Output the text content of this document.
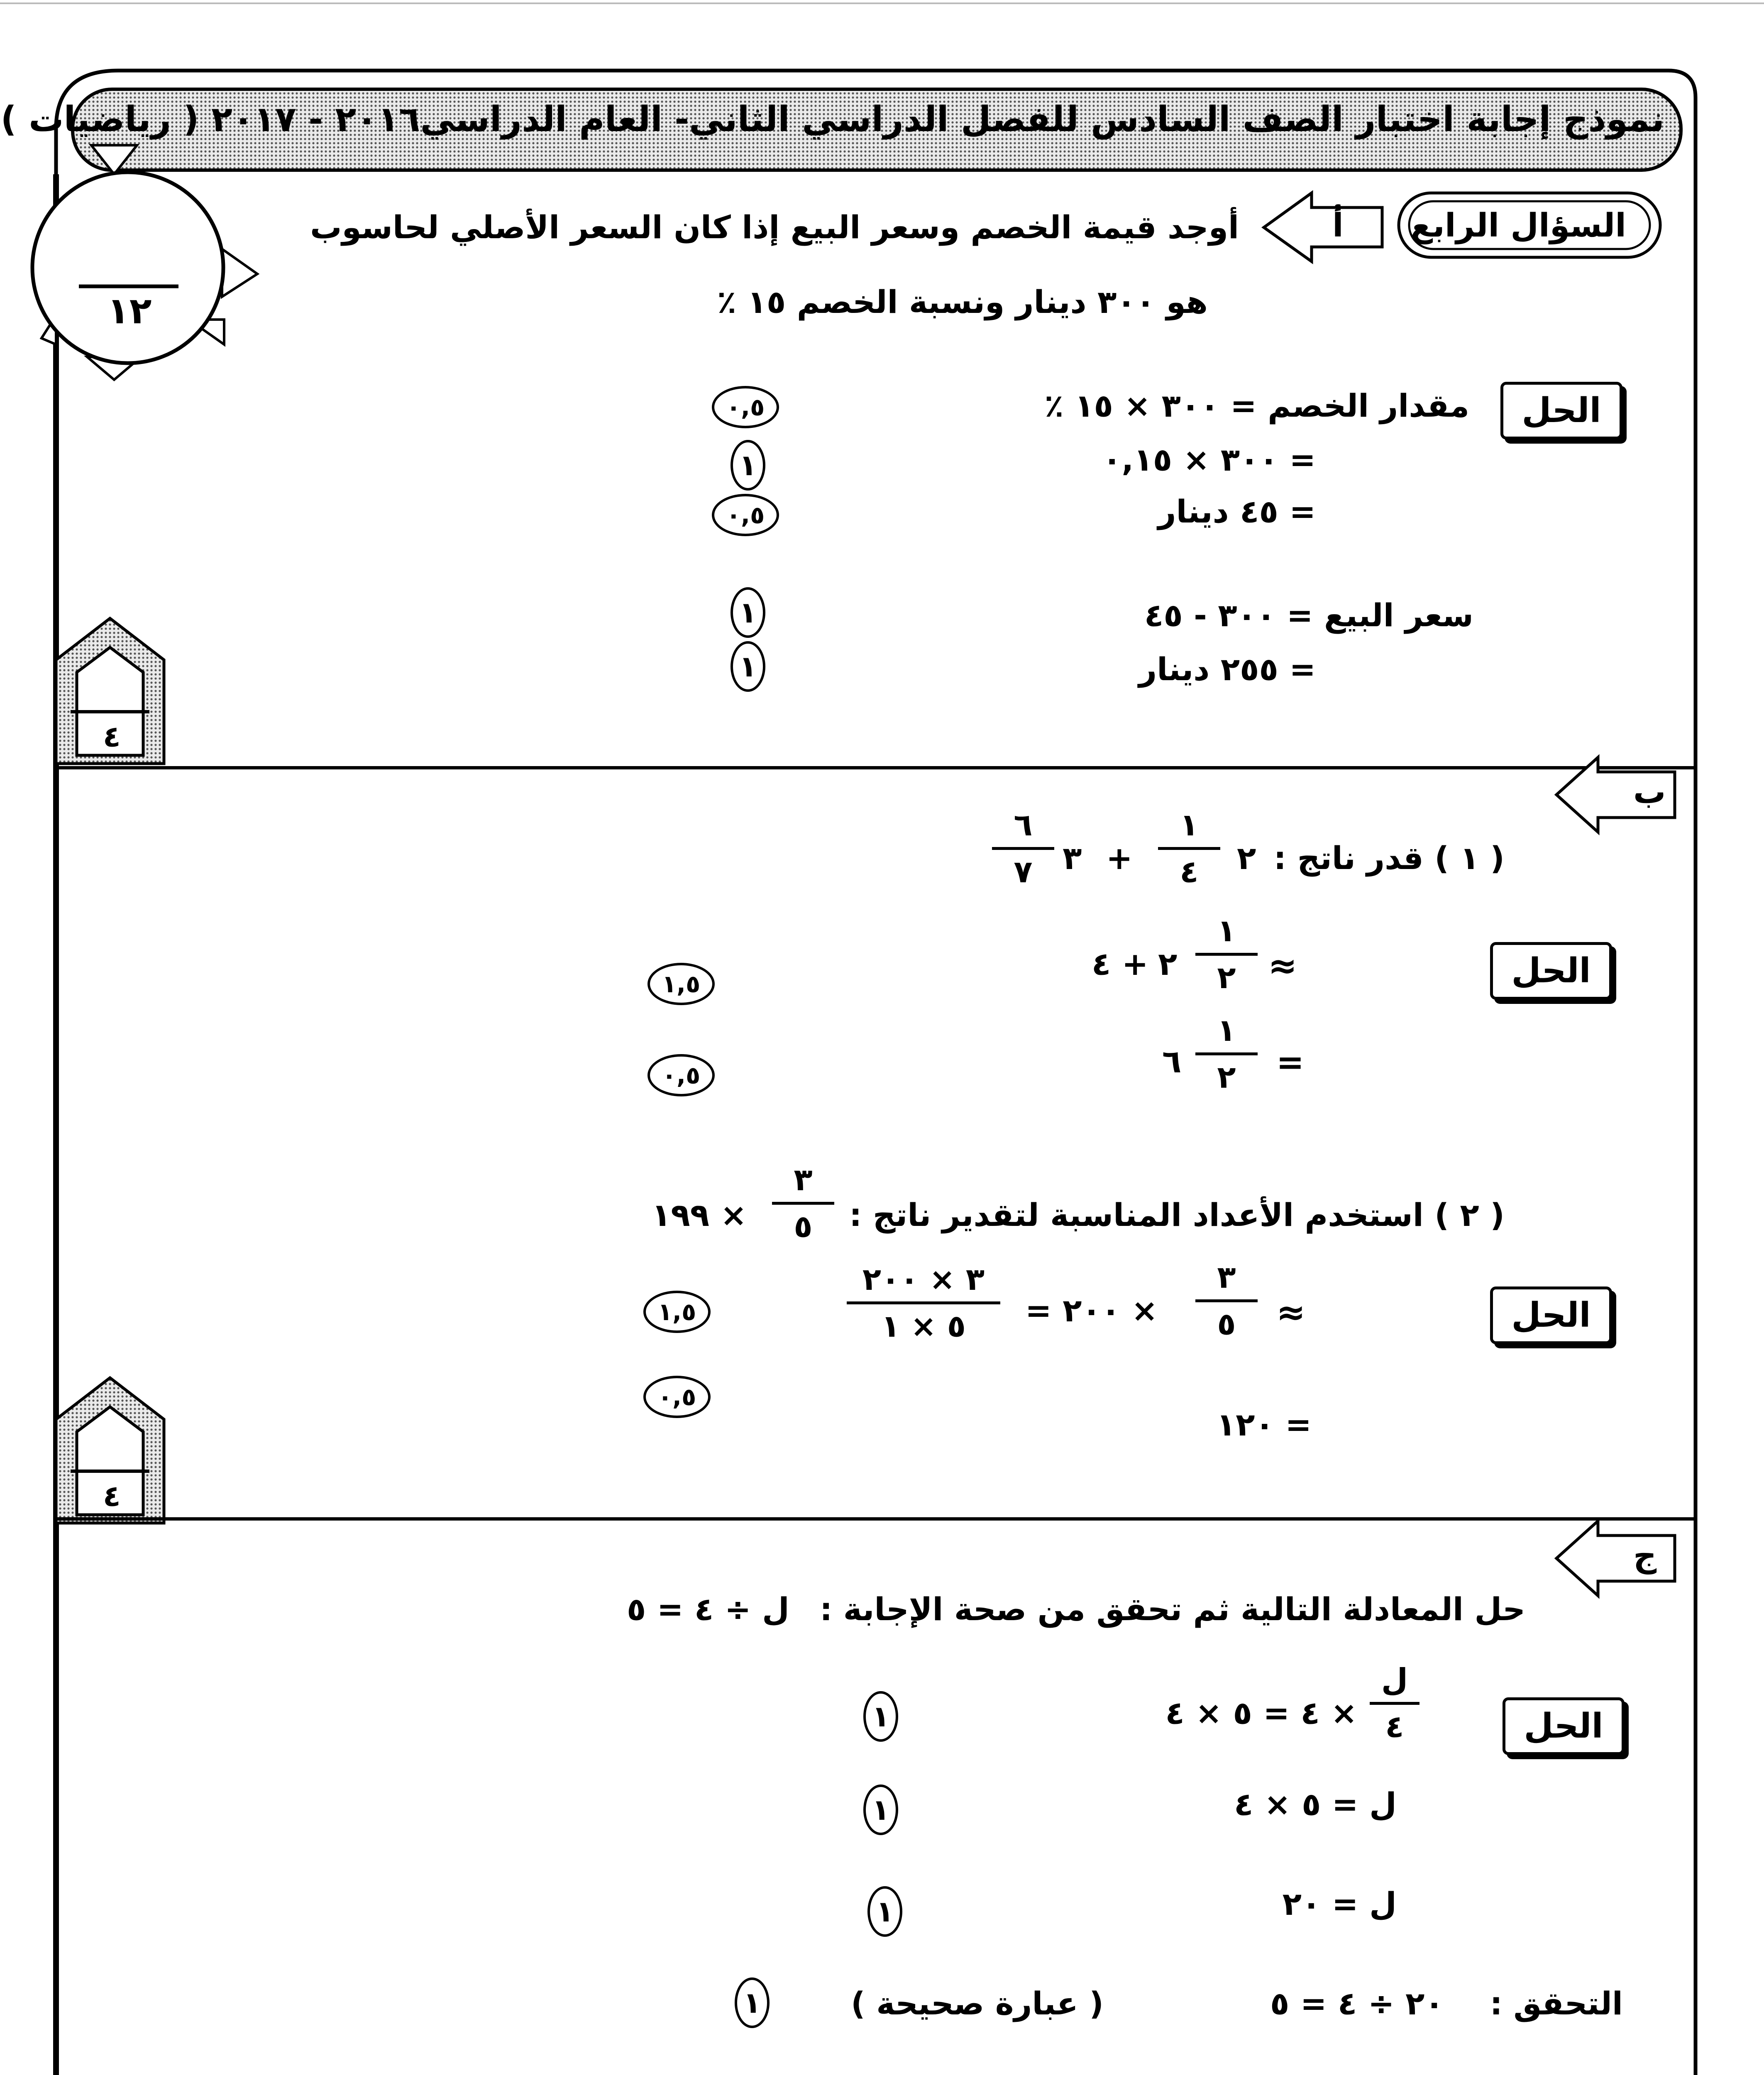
نموذج إجابة اختبار الصف السادس للفصل الدراسي الثاني- العام الدراسي٢٠١٦ - ٢٠١٧ ( رياضيات )
١٢
٤
٤
السؤال الرابع
أ
أوجد قيمة الخصم وسعر البيع إذا كان السعر الأصلي لحاسوب
هو ٣٠٠ دينار ونسبة الخصم ١٥ ٪
الحل
مقدار الخصم = ٣٠٠ × ١٥ ٪
= ٣٠٠ × ٠,١٥
= ٤٥ دينار
سعر البيع = ٣٠٠ - ٤٥
= ٢٥٥ دينار
٠,٥
١
٠,٥
١
١
ب
( ١ ) قدر ناتج :
٢
١
٤
+
٣
٦
٧
الحل
≈
١
٢
٢
+ ٤
=
١
٢
٦
١,٥
٠,٥
( ٢ ) استخدم الأعداد المناسبة لتقدير ناتج :
٣
٥
× ١٩٩
الحل
≈
٣
٥
× ٢٠٠ =
٣ × ٢٠٠
٥ × ١
= ١٢٠
١,٥
٠,٥
ج
حل المعادلة التالية ثم تحقق من صحة الإجابة :
ل ÷ ٤ = ٥
الحل
ل
٤
× ٤ = ٥ × ٤
ل = ٥ × ٤
ل = ٢٠
التحقق :
٢٠ ÷ ٤ = ٥
( عبارة صحيحة )
١
١
١
١
